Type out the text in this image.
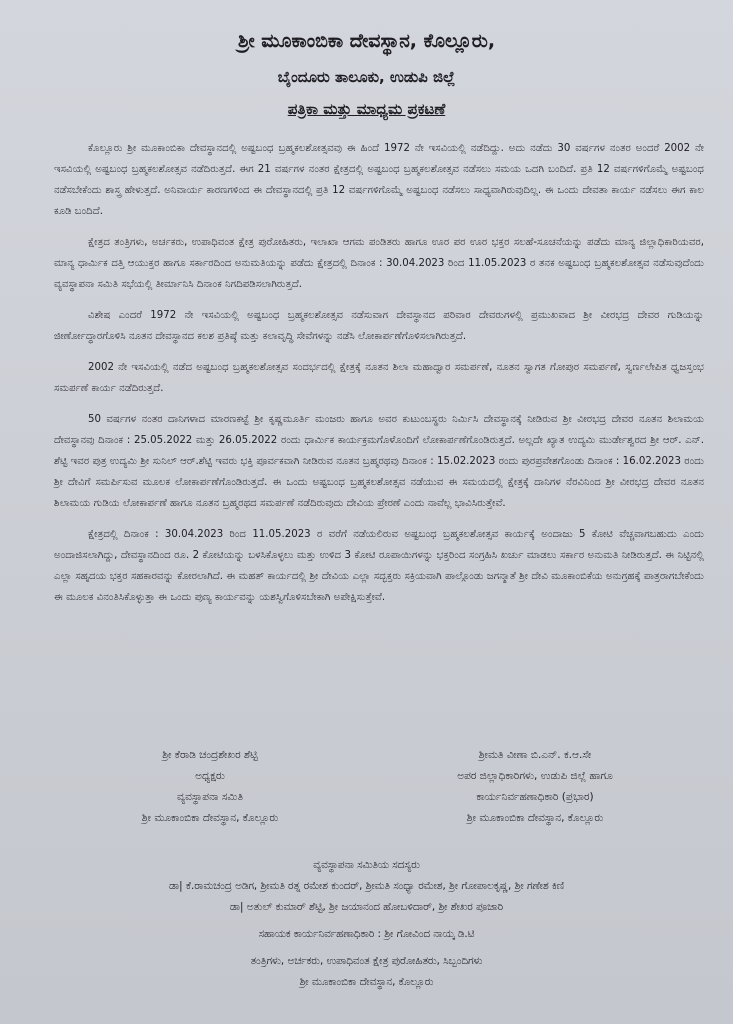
ಶ್ರೀ ಮೂಕಾಂಬಿಕಾ ದೇವಸ್ಥಾನ, ಕೊಲ್ಲೂರು,
ಬೈಂದೂರು ತಾಲೂಕು, ಉಡುಪಿ ಜಿಲ್ಲೆ
ಪತ್ರಿಕಾ ಮತ್ತು ಮಾಧ್ಯಮ ಪ್ರಕಟಣೆ

ಕೊಲ್ಲೂರು ಶ್ರೀ ಮೂಕಾಂಬಿಕಾ ದೇವಸ್ಥಾನದಲ್ಲಿ ಅಷ್ಟಬಂಧ ಬ್ರಹ್ಮಕಲಶೋತ್ಸವವು ಈ ಹಿಂದೆ 1972 ನೇ ಇಸವಿಯಲ್ಲಿ ನಡೆದಿದ್ದು. ಅದು ನಡೆದು 30 ವರ್ಷಗಳ ನಂತರ ಅಂದರೆ 2002 ನೇ ಇಸವಿಯಲ್ಲಿ ಅಷ್ಟಬಂಧ ಬ್ರಹ್ಮಕಲಶೋತ್ಸವ ನಡೆದಿರುತ್ತದೆ. ಈಗ 21 ವರ್ಷಗಳ ನಂತರ ಕ್ಷೇತ್ರದಲ್ಲಿ ಅಷ್ಟಬಂಧ ಬ್ರಹ್ಮಕಲಶೋತ್ಸವ ನಡೆಸಲು ಸಮಯ ಒದಗಿ ಬಂದಿದೆ. ಪ್ರತಿ 12 ವರ್ಷಗಳಿಗೊಮ್ಮೆ ಅಷ್ಟಬಂಧ ನಡೆಸಬೇಕೆಂದು ಶಾಸ್ತ್ರ ಹೇಳುತ್ತದೆ. ಅನಿವಾರ್ಯ ಕಾರಣಗಳಿಂದ ಈ ದೇವಸ್ಥಾನದಲ್ಲಿ ಪ್ರತಿ 12 ವರ್ಷಗಳಿಗೊಮ್ಮೆ ಅಷ್ಟಬಂಧ ನಡೆಸಲು ಸಾಧ್ಯವಾಗಿರುವುದಿಲ್ಲ. ಈ ಒಂದು ದೇವತಾ ಕಾರ್ಯ ನಡೆಸಲು ಈಗ ಕಾಲ ಕೂಡಿ ಬಂದಿದೆ.

ಕ್ಷೇತ್ರದ ತಂತ್ರಿಗಳು, ಅರ್ಚಕರು, ಉಪಾಧಿವಂತ ಕ್ಷೇತ್ರ ಪುರೋಹಿತರು, ಇಲಾಖಾ ಆಗಮ ಪಂಡಿತರು ಹಾಗೂ ಊರ ಪರ ಊರ ಭಕ್ತರ ಸಲಹೆ-ಸೂಚನೆಯನ್ನು ಪಡೆದು ಮಾನ್ಯ ಜಿಲ್ಲಾಧಿಕಾರಿಯವರ, ಮಾನ್ಯ ಧಾರ್ಮಿಕ ದತ್ತಿ ಆಯುಕ್ತರ ಹಾಗೂ ಸರ್ಕಾರದಿಂದ ಅನುಮತಿಯನ್ನು ಪಡೆದು ಕ್ಷೇತ್ರದಲ್ಲಿ ದಿನಾಂಕ : 30.04.2023 ರಿಂದ 11.05.2023 ರ ತನಕ ಅಷ್ಟಬಂಧ ಬ್ರಹ್ಮಕಲಶೋತ್ಸವ ನಡೆಸುವುದೆಂದು ವ್ಯವಸ್ಥಾಪನಾ ಸಮಿತಿ ಸಭೆಯಲ್ಲಿ ತೀರ್ಮಾನಿಸಿ ದಿನಾಂಕ ನಿಗದಿಪಡಿಸಲಾಗಿರುತ್ತದೆ.

ವಿಶೇಷ ಎಂದರೆ 1972 ನೇ ಇಸವಿಯಲ್ಲಿ ಅಷ್ಟಬಂಧ ಬ್ರಹ್ಮಕಲಶೋತ್ಸವ ನಡೆಸುವಾಗ ದೇವಸ್ಥಾನದ ಪರಿವಾರ ದೇವರುಗಳಲ್ಲಿ ಪ್ರಮುಖವಾದ ಶ್ರೀ ವೀರಭದ್ರ ದೇವರ ಗುಡಿಯನ್ನು ಜೀರ್ಣೋದ್ಧಾರಗೊಳಿಸಿ ನೂತನ ದೇವಸ್ಥಾನದ ಕಲಶ ಪ್ರತಿಷ್ಠೆ ಮತ್ತು ಕಲಾವೃದ್ಧಿ ಸೇವೆಗಳನ್ನು ನಡೆಸಿ ಲೋಕಾರ್ಪಣೆಗೊಳಿಸಲಾಗಿರುತ್ತದೆ.

2002 ನೇ ಇಸವಿಯಲ್ಲಿ ನಡೆದ ಅಷ್ಟಬಂಧ ಬ್ರಹ್ಮಕಲಶೋತ್ಸವ ಸಂದರ್ಭದಲ್ಲಿ ಕ್ಷೇತ್ರಕ್ಕೆ ನೂತನ ಶಿಲಾ ಮಹಾದ್ವಾರ ಸಮರ್ಪಣೆ, ನೂತನ ಸ್ವಾಗತ ಗೋಪುರ ಸಮರ್ಪಣೆ, ಸ್ವರ್ಣಲೇಪಿತ ಧ್ವಜಸ್ತಂಭ ಸಮರ್ಪಣೆ ಕಾರ್ಯ ನಡೆದಿರುತ್ತದೆ.

50 ವರ್ಷಗಳ ನಂತರ ದಾನಿಗಳಾದ ಮಾರಣಕಟ್ಟೆ ಶ್ರೀ ಕೃಷ್ಣಮೂರ್ತಿ ಮಂಜರು ಹಾಗೂ ಅವರ ಕುಟುಂಬಸ್ಥರು ನಿರ್ಮಿಸಿ ದೇವಸ್ಥಾನಕ್ಕೆ ನೀಡಿರುವ ಶ್ರೀ ವೀರಭದ್ರ ದೇವರ ನೂತನ ಶಿಲಾಮಯ ದೇವಸ್ಥಾನವು ದಿನಾಂಕ : 25.05.2022 ಮತ್ತು 26.05.2022 ರಂದು ಧಾರ್ಮಿಕ ಕಾರ್ಯಕ್ರಮಗೊಳೊಂದಿಗೆ ಲೋಕಾರ್ಪಣೆಗೊಂಡಿರುತ್ತದೆ. ಅಲ್ಲದೇ ಖ್ಯಾತ ಉದ್ಯಮಿ ಮುರ್ಡೇಶ್ವರದ ಶ್ರೀ ಆರ್. ಎನ್. ಶೆಟ್ಟಿ ಇವರ ಪುತ್ರ ಉದ್ಯಮಿ ಶ್ರೀ ಸುನಿಲ್ ಆರ್.ಶೆಟ್ಟಿ ಇವರು ಭಕ್ತಿ ಪೂರ್ವಕವಾಗಿ ನೀಡಿರುವ ನೂತನ ಬ್ರಹ್ಮರಥವು ದಿನಾಂಕ : 15.02.2023 ರಂದು ಪುರಪ್ರವೇಶಗೊಂಡು ದಿನಾಂಕ : 16.02.2023 ರಂದು ಶ್ರೀ ದೇವಿಗೆ ಸಮರ್ಪಿಸುವ ಮೂಲಕ ಲೋಕಾರ್ಪಣೆಗೊಂಡಿರುತ್ತದೆ. ಈ ಒಂದು ಅಷ್ಟಬಂಧ ಬ್ರಹ್ಮಕಲಶೋತ್ಸವ ನಡೆಯುವ ಈ ಸಮಯದಲ್ಲಿ ಕ್ಷೇತ್ರಕ್ಕೆ ದಾನಿಗಳ ನೆರವಿನಿಂದ ಶ್ರೀ ವೀರಭದ್ರ ದೇವರ ನೂತನ ಶಿಲಾಮಯ ಗುಡಿಯ ಲೋಕಾರ್ಪಣೆ ಹಾಗೂ ನೂತನ ಬ್ರಹ್ಮರಥದ ಸಮರ್ಪಣೆ ನಡೆದಿರುವುದು ದೇವಿಯ ಪ್ರೇರಣೆ ಎಂದು ನಾವೆಲ್ಲ ಭಾವಿಸಿರುತ್ತೇವೆ.

ಕ್ಷೇತ್ರದಲ್ಲಿ ದಿನಾಂಕ : 30.04.2023 ರಿಂದ 11.05.2023 ರ ವರೆಗೆ ನಡೆಯಲಿರುವ ಅಷ್ಟಬಂಧ ಬ್ರಹ್ಮಕಲಶೋತ್ಸವ ಕಾರ್ಯಕ್ಕೆ ಅಂದಾಜು 5 ಕೋಟಿ ವೆಚ್ಚವಾಗಬಹುದು ಎಂದು ಅಂದಾಜಿಸಲಾಗಿದ್ದು, ದೇವಸ್ಥಾನದಿಂದ ರೂ. 2 ಕೋಟಿಯನ್ನು ಬಳಸಿಕೊಳ್ಳಲು ಮತ್ತು ಉಳಿದ 3 ಕೋಟಿ ರೂಪಾಯಿಗಳನ್ನು ಭಕ್ತರಿಂದ ಸಂಗ್ರಹಿಸಿ ಖರ್ಚು ಮಾಡಲು ಸರ್ಕಾರ ಅನುಮತಿ ನೀಡಿರುತ್ತದೆ. ಈ ನಿಟ್ಟಿನಲ್ಲಿ ಎಲ್ಲಾ ಸಹೃದಯ ಭಕ್ತರ ಸಹಕಾರವನ್ನು ಕೋರಲಾಗಿದೆ. ಈ ಮಹತ್ ಕಾರ್ಯದಲ್ಲಿ ಶ್ರೀ ದೇವಿಯ ಎಲ್ಲಾ ಸದ್ಭಕ್ತರು ಸಕ್ರಿಯವಾಗಿ ಪಾಲ್ಗೊಂಡು ಜಗನ್ಮಾತೆ ಶ್ರೀ ದೇವಿ ಮೂಕಾಂಬಿಕೆಯ ಅನುಗ್ರಹಕ್ಕೆ ಪಾತ್ರರಾಗಬೇಕೆಂದು ಈ ಮೂಲಕ ವಿನಂತಿಸಿಕೊಳ್ಳುತ್ತಾ ಈ ಒಂದು ಪುಣ್ಯ ಕಾರ್ಯವನ್ನು ಯಶಸ್ವಿಗೊಳಿಸಬೇಕಾಗಿ ಅಪೇಕ್ಷಿಸುತ್ತೇವೆ.

ಶ್ರೀ ಕೆರಾಡಿ ಚಂದ್ರಶೇಖರ ಶೆಟ್ಟಿ
ಅಧ್ಯಕ್ಷರು
ವ್ಯವಸ್ಥಾಪನಾ ಸಮಿತಿ
ಶ್ರೀ ಮೂಕಾಂಬಿಕಾ ದೇವಸ್ಥಾನ, ಕೊಲ್ಲೂರು
ಶ್ರೀಮತಿ ವೀಣಾ ಬಿ.ಎನ್. ಕ.ಆ.ಸೇ
ಅಪರ ಜಿಲ್ಲಾಧಿಕಾರಿಗಳು, ಉಡುಪಿ ಜಿಲ್ಲೆ ಹಾಗೂ
ಕಾರ್ಯನಿರ್ವಹಣಾಧಿಕಾರಿ (ಪ್ರಭಾರ)
ಶ್ರೀ ಮೂಕಾಂಬಿಕಾ ದೇವಸ್ಥಾನ, ಕೊಲ್ಲೂರು
ವ್ಯವಸ್ಥಾಪನಾ ಸಮಿತಿಯ ಸದಸ್ಯರು
ಡಾ| ಕೆ.ರಾಮಚಂದ್ರ ಅಡಿಗ, ಶ್ರೀಮತಿ ರತ್ನ ರಮೇಶ ಕುಂದರ್, ಶ್ರೀಮತಿ ಸಂಧ್ಯಾ ರಮೇಶ, ಶ್ರೀ ಗೋಪಾಲಕೃಷ್ಣ, ಶ್ರೀ ಗಣೇಶ ಕಿಣಿ
ಡಾ| ಅತುಲ್ ಕುಮಾರ್ ಶೆಟ್ಟಿ, ಶ್ರೀ ಜಯಾನಂದ ಹೋಬಳಿದಾರ್, ಶ್ರೀ ಶೇಖರ ಪೂಜಾರಿ
ಸಹಾಯಕ ಕಾರ್ಯನಿರ್ವಹಣಾಧಿಕಾರಿ : ಶ್ರೀ ಗೋವಿಂದ ನಾಯ್ಕ ಡಿ.ಟಿ
ತಂತ್ರಿಗಳು, ಅರ್ಚಕರು, ಉಪಾಧಿವಂತ ಕ್ಷೇತ್ರ ಪುರೋಹಿತರು, ಸಿಬ್ಬಂದಿಗಳು
ಶ್ರೀ ಮೂಕಾಂಬಿಕಾ ದೇವಸ್ಥಾನ, ಕೊಲ್ಲೂರು
